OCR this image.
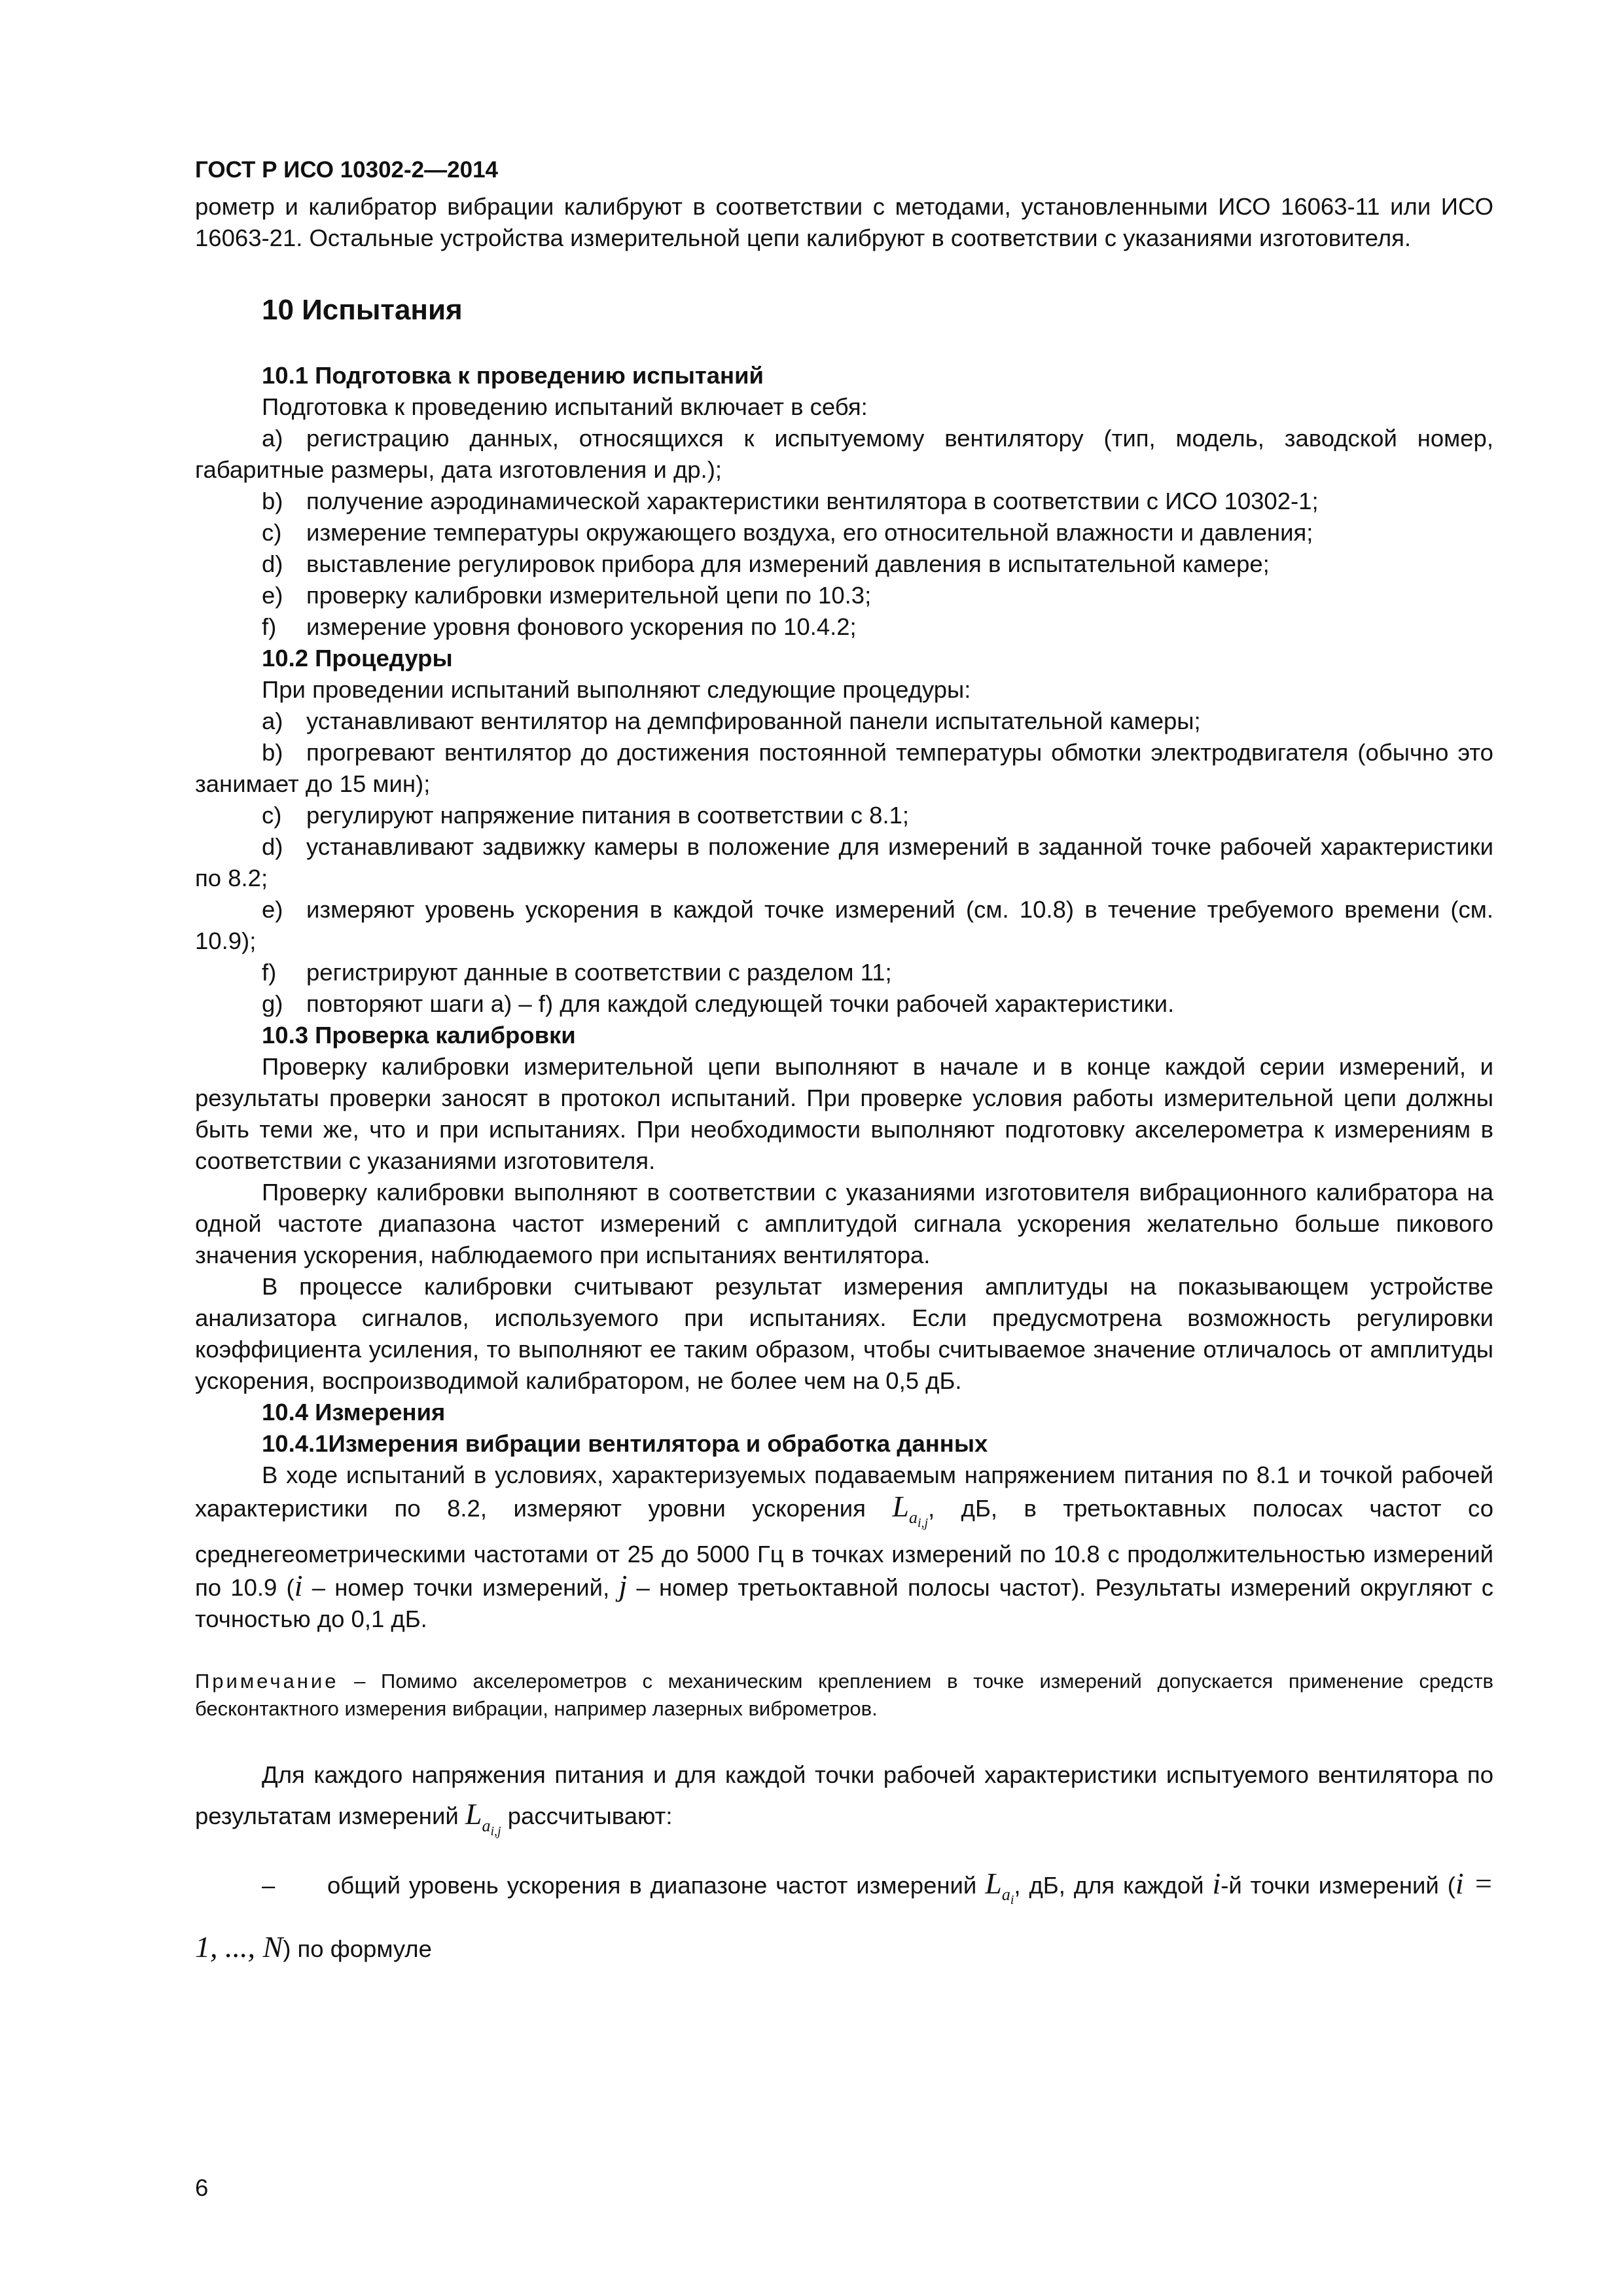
ГОСТ Р ИСО 10302-2—2014

рометр и калибратор вибрации калибруют в соответствии с методами, установленными ИСО 16063-11 или ИСО 16063-21. Остальные устройства измерительной цепи калибруют в соответствии с указаниями изготовителя.

10 Испытания

10.1 Подготовка к проведению испытаний

Подготовка к проведению испытаний включает в себя:

a) регистрацию данных, относящихся к испытуемому вентилятору (тип, модель, заводской номер, габаритные размеры, дата изготовления и др.);

b) получение аэродинамической характеристики вентилятора в соответствии с ИСО 10302-1;

c) измерение температуры окружающего воздуха, его относительной влажности и давления;

d) выставление регулировок прибора для измерений давления в испытательной камере;

e) проверку калибровки измерительной цепи по 10.3;

f) измерение уровня фонового ускорения по 10.4.2;

10.2 Процедуры

При проведении испытаний выполняют следующие процедуры:

a) устанавливают вентилятор на демпфированной панели испытательной камеры;

b) прогревают вентилятор до достижения постоянной температуры обмотки электродвигателя (обычно это занимает до 15 мин);

c) регулируют напряжение питания в соответствии с 8.1;

d) устанавливают задвижку камеры в положение для измерений в заданной точке рабочей характеристики по 8.2;

e) измеряют уровень ускорения в каждой точке измерений (см. 10.8) в течение требуемого времени (см. 10.9);

f) регистрируют данные в соответствии с разделом 11;

g) повторяют шаги а) – f) для каждой следующей точки рабочей характеристики.

10.3 Проверка калибровки

Проверку калибровки измерительной цепи выполняют в начале и в конце каждой серии измерений, и результаты проверки заносят в протокол испытаний. При проверке условия работы измерительной цепи должны быть теми же, что и при испытаниях. При необходимости выполняют подготовку акселерометра к измерениям в соответствии с указаниями изготовителя.

Проверку калибровки выполняют в соответствии с указаниями изготовителя вибрационного калибратора на одной частоте диапазона частот измерений с амплитудой сигнала ускорения желательно больше пикового значения ускорения, наблюдаемого при испытаниях вентилятора.

В процессе калибровки считывают результат измерения амплитуды на показывающем устройстве анализатора сигналов, используемого при испытаниях. Если предусмотрена возможность регулировки коэффициента усиления, то выполняют ее таким образом, чтобы считываемое значение отличалось от амплитуды ускорения, воспроизводимой калибратором, не более чем на 0,5 дБ.

10.4 Измерения

10.4.1Измерения вибрации вентилятора и обработка данных

В ходе испытаний в условиях, характеризуемых подаваемым напряжением питания по 8.1 и точкой рабочей характеристики по 8.2, измеряют уровни ускорения $L_{a_{i,j}}$, дБ, в третьоктавных полосах частот со среднегеометрическими частотами от 25 до 5000 Гц в точках измерений по 10.8 с продолжительностью измерений по 10.9 (i – номер точки измерений, j – номер третьоктавной полосы частот). Результаты измерений округляют с точностью до 0,1 дБ.

Примечание – Помимо акселерометров с механическим креплением в точке измерений допускается применение средств бесконтактного измерения вибрации, например лазерных виброметров.

Для каждого напряжения питания и для каждой точки рабочей характеристики испытуемого вентилятора по результатам измерений $L_{a_{i,j}}$ рассчитывают:

– общий уровень ускорения в диапазоне частот измерений $L_{a_i}$, дБ, для каждой i-й точки измерений (i = 1, ..., N) по формуле

6
